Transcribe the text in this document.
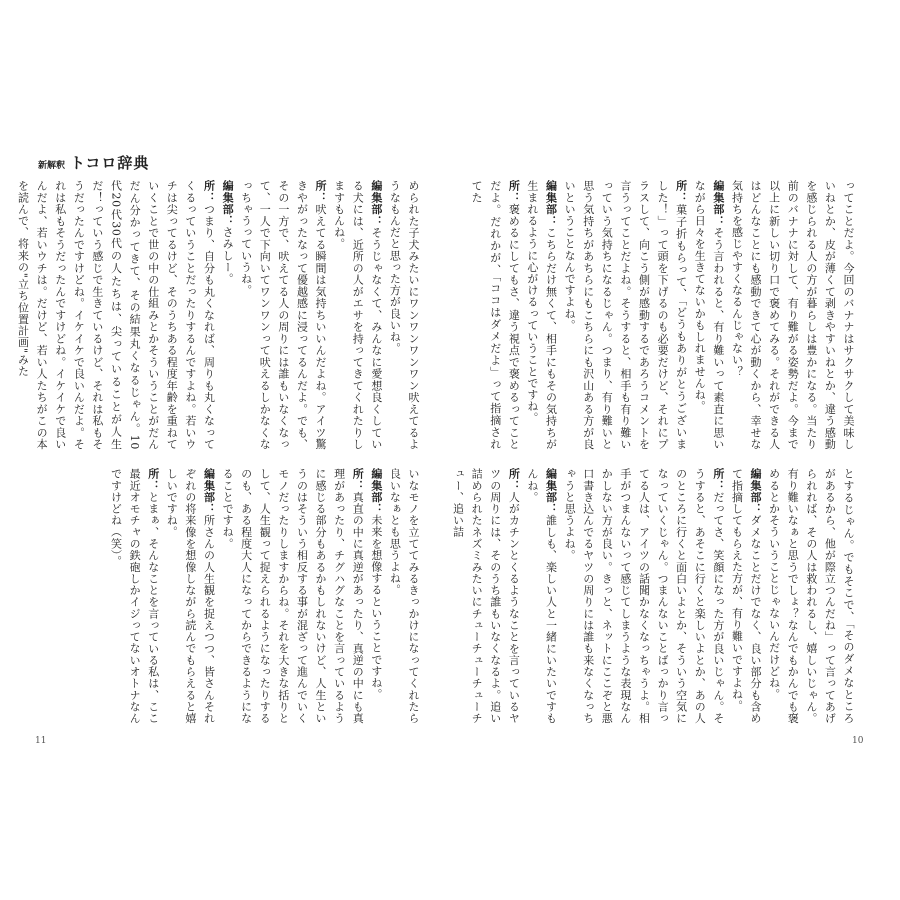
新解釈 トコロ辞典

められた子犬みたいにワンワンワンワン吠えてるようなもんだと思った方が良いね。

編集部：そうじゃなくて、みんなに愛想良くしている犬には、近所の人がエサを持ってきてくれたりしますもんね。

所：吠えてる瞬間は気持ちいいんだよね。アイツ驚きやがったなって優越感に浸ってるんだよ。でも、その一方で、吠えてる人の周りには誰もいなくなって、一人で下向いてワンワンって吠えるしかなくなっちゃうっていうね。

編集部：さみしー。

所：つまり、自分も丸くなれば、周りも丸くなってくるっていうことだったりするんですよね。若いウチは尖ってるけど、そのうちある程度年齢を重ねていくことで世の中の仕組みとかそういうことがだんだん分かってきて、その結果丸くなるじゃん。10代20代30代の人たちは、尖っていることが人生だ！っていう感じで生きているけど、それは私もそうだったんですけどね。イケイケで良いんだよ。それは私もそうだったんですけどね。イケイケで良いんだよ、若いウチは。だけど、若い人たちがこの本を読んで、将来の"立ち位置計画"みた

いなモノを立ててみるきっかけになってくれたら良いなぁとも思うよね。

編集部：未来を想像するということですね。

所：真直の中に真逆があったり、真逆の中にも真理があったり、チグハグなことを言っているように感じる部分もあるかもしれないけど、人生というのはそういう相反する事が混ざって進んでいくモノだったりしますからね。それを大きな括りとして、人生観って捉えられるようになったりするのも、ある程度大人になってからできるようになることですね。

編集部：所さんの人生観を捉えつつ、皆さんそれぞれの将来像を想像しながら読んでもらえると嬉しいですね。

所：とまぁ、そんなことを言っている私は、ここ最近オモチャの鉄砲しかイジってないオトナなんですけどね（笑）。

11

ってことだよ。今回のバナナはサクサクして美味しいねとか、皮が薄くて剥きやすいねとか、違う感動を感じられる人の方が暮らしは豊かになる。当たり前のバナナに対して、有り難がる姿勢だよ。今まで以上に新しい切り口で褒めてみる。それができる人はどんなことにも感動できて心が動くから、幸せな気持ちを感じやすくなるんじゃない？

編集部：そう言われると、有り難いって素直に思いながら日々を生きてないかもしれませんね。

所：菓子折もらって、「どうもありがとうございました！」って頭を下げるのも必要だけど、それにプラスして、向こう側が感動するであろうコメントを言うってことだよね。そうすると、相手も有り難いっていう気持ちになるじゃん。つまり、有り難いと思う気持ちがあちらにもこちらにも沢山ある方が良いということなんですよね。

編集部：こちらだけ無くて、相手にもその気持ちが生まれるように心がけるっていうことですね。

所：褒めるにしてもさ、違う視点で褒めるってことだよ。だれかが、「ココはダメだよ」って指摘されてた

とするじゃん。でもそこで、「そのダメなところがあるから、他が際立つんだね」って言ってあげられれば、その人は救われるし、嬉しいじゃん。有り難いなぁと思うでしょ？なんでもかんでも褒めるとかそういうことじゃないんだけどね。

編集部：ダメなことだけでなく、良い部分も含めて指摘してもらえた方が、有り難いですよね。

所：だってさ、笑顔になった方が良いじゃん。そうすると、あそこに行くと楽しいよとか、あの人のところに行くと面白いよとか、そういう空気になっていくじゃん。つまんないことばっかり言ってる人は、アイツの話聞かなくなっちゃうよ。相手がつまんないって感じてしまうような表現なんかしない方が良い。きっと、ネットにここぞと悪口書き込んでるヤツの周りには誰も来なくなっちゃうと思うよね。

編集部：誰しも、楽しい人と一緒にいたいですもんね。

所：人がカチンとくるようなことを言っているヤツの周りには、そのうち誰もいなくなるよ。追い詰められたネズミみたいにチューチューチューチュー、追い詰

10
